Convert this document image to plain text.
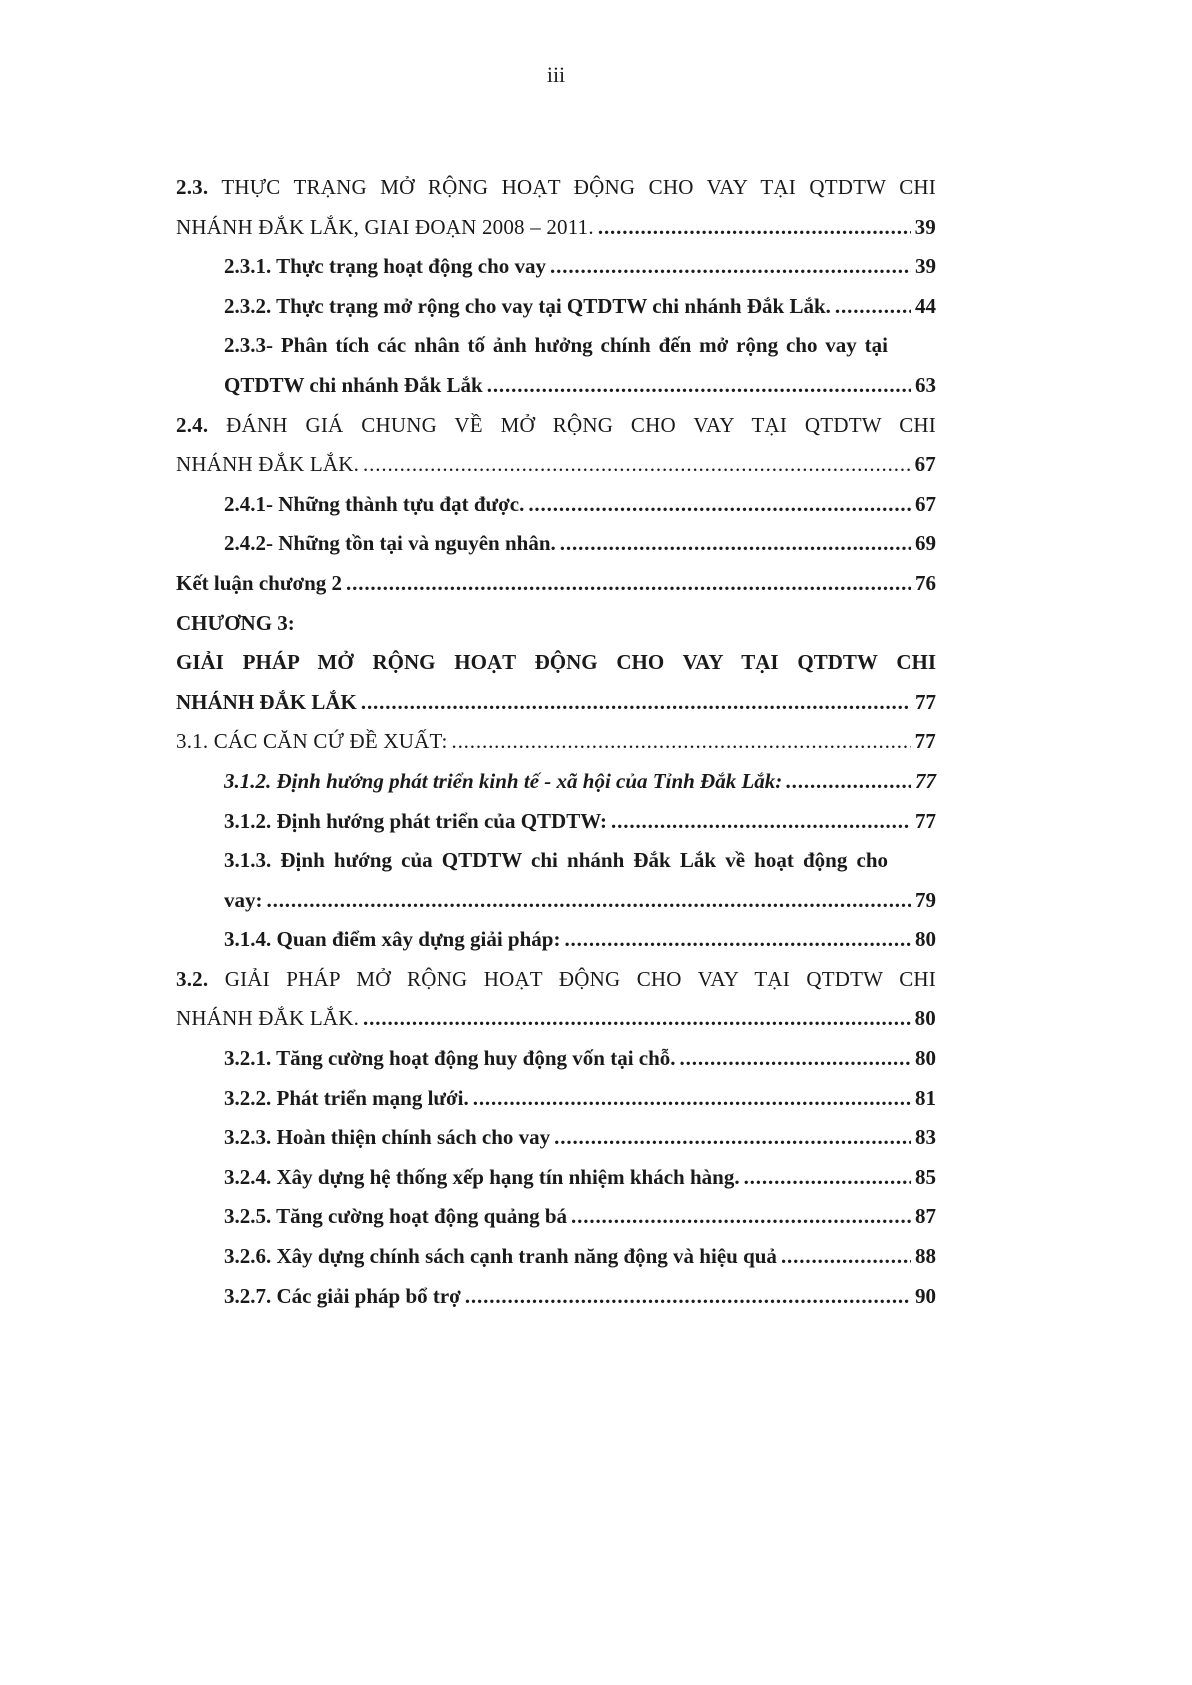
iii
2.3. THỰC TRẠNG MỞ RỘNG HOẠT ĐỘNG CHO VAY TẠI QTDTW CHI
NHÁNH ĐẮK LẮK, GIAI ĐOẠN 2008 – 2011. . . .	39
2.3.1. Thực trạng hoạt động cho vay . . .	39
2.3.2. Thực trạng mở rộng cho vay tại QTDTW chi nhánh Đắk Lắk. . . .	44
2.3.3- Phân tích các nhân tố ảnh hưởng chính đến mở rộng cho vay tại
QTDTW chi nhánh Đắk Lắk . . .	63
2.4. ĐÁNH GIÁ CHUNG VỀ MỞ RỘNG CHO VAY TẠI QTDTW CHI
NHÁNH ĐẮK LẮK. . . .	67
2.4.1- Những thành tựu đạt được. . . .	67
2.4.2- Những tồn tại và nguyên nhân. . . .	69
Kết luận chương 2 . . .	76
CHƯƠNG 3:
GIẢI PHÁP MỞ RỘNG HOẠT ĐỘNG CHO VAY TẠI QTDTW CHI
NHÁNH ĐẮK LẮK . . .	77
3.1. CÁC CĂN CỨ ĐỀ XUẤT: . . .	77
3.1.2. Định hướng phát triển kinh tế - xã hội của Tỉnh Đắk Lắk: . . .	77
3.1.2. Định hướng phát triển của QTDTW: . . .	77
3.1.3. Định hướng của QTDTW chi nhánh Đắk Lắk về hoạt động cho
vay: . . .	79
3.1.4. Quan điểm xây dựng giải pháp: . . .	80
3.2. GIẢI PHÁP MỞ RỘNG HOẠT ĐỘNG CHO VAY TẠI QTDTW CHI
NHÁNH ĐẮK LẮK. . . .	80
3.2.1. Tăng cường hoạt động huy động vốn tại chỗ. . . .	80
3.2.2. Phát triển mạng lưới. . . .	81
3.2.3. Hoàn thiện chính sách cho vay . . .	83
3.2.4. Xây dựng hệ thống xếp hạng tín nhiệm khách hàng. . . .	85
3.2.5. Tăng cường hoạt động quảng bá . . .	87
3.2.6. Xây dựng chính sách cạnh tranh năng động và hiệu quả . . .	88
3.2.7. Các giải pháp bổ trợ . . .	90
